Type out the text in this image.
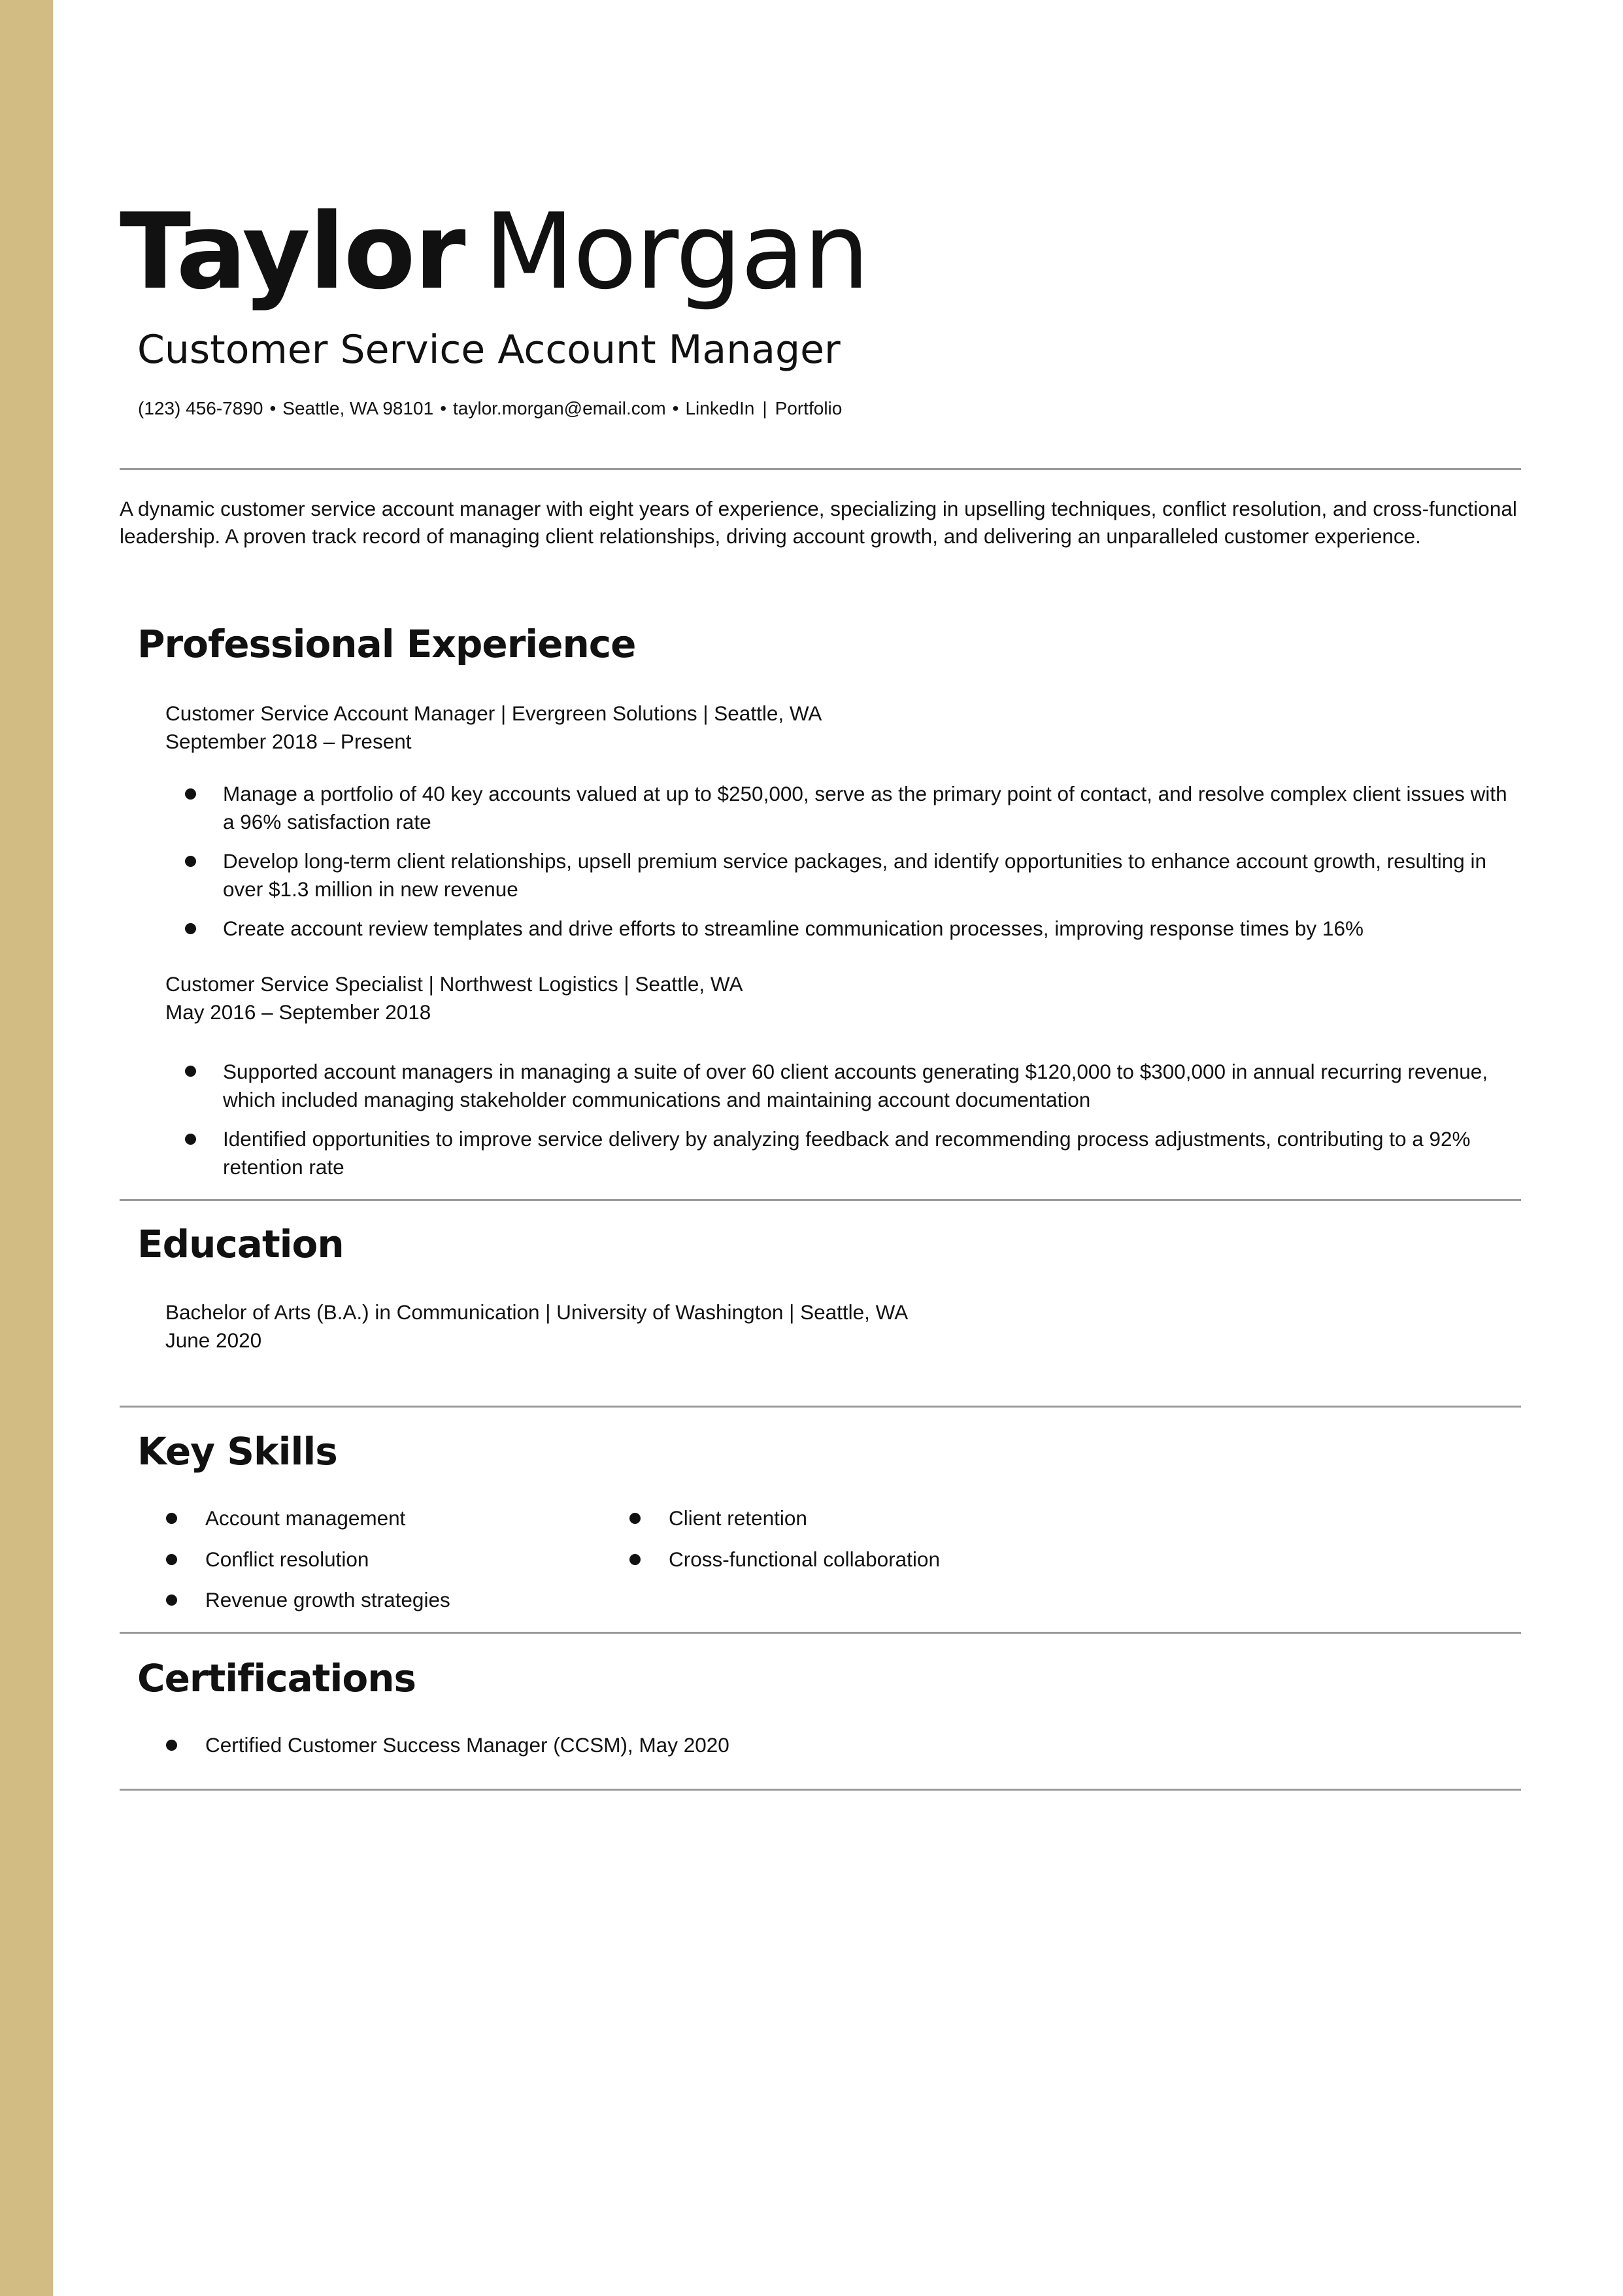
Taylor Morgan
Customer Service Account Manager
(123) 456-7890 • Seattle, WA 98101 • taylor.morgan@email.com • LinkedIn | Portfolio
A dynamic customer service account manager with eight years of experience, specializing in upselling techniques, conflict resolution, and cross-functional leadership. A proven track record of managing client relationships, driving account growth, and delivering an unparalleled customer experience.
Professional Experience
Customer Service Account Manager | Evergreen Solutions | Seattle, WA
September 2018 – Present
Manage a portfolio of 40 key accounts valued at up to $250,000, serve as the primary point of contact, and resolve complex client issues with a 96% satisfaction rate
Develop long-term client relationships, upsell premium service packages, and identify opportunities to enhance account growth, resulting in over $1.3 million in new revenue
Create account review templates and drive efforts to streamline communication processes, improving response times by 16%
Customer Service Specialist | Northwest Logistics | Seattle, WA
May 2016 – September 2018
Supported account managers in managing a suite of over 60 client accounts generating $120,000 to $300,000 in annual recurring revenue, which included managing stakeholder communications and maintaining account documentation
Identified opportunities to improve service delivery by analyzing feedback and recommending process adjustments, contributing to a 92% retention rate
Education
Bachelor of Arts (B.A.) in Communication | University of Washington | Seattle, WA
June 2020
Key Skills
Account management	Client retention
Conflict resolution	Cross-functional collaboration
Revenue growth strategies
Certifications
Certified Customer Success Manager (CCSM), May 2020
